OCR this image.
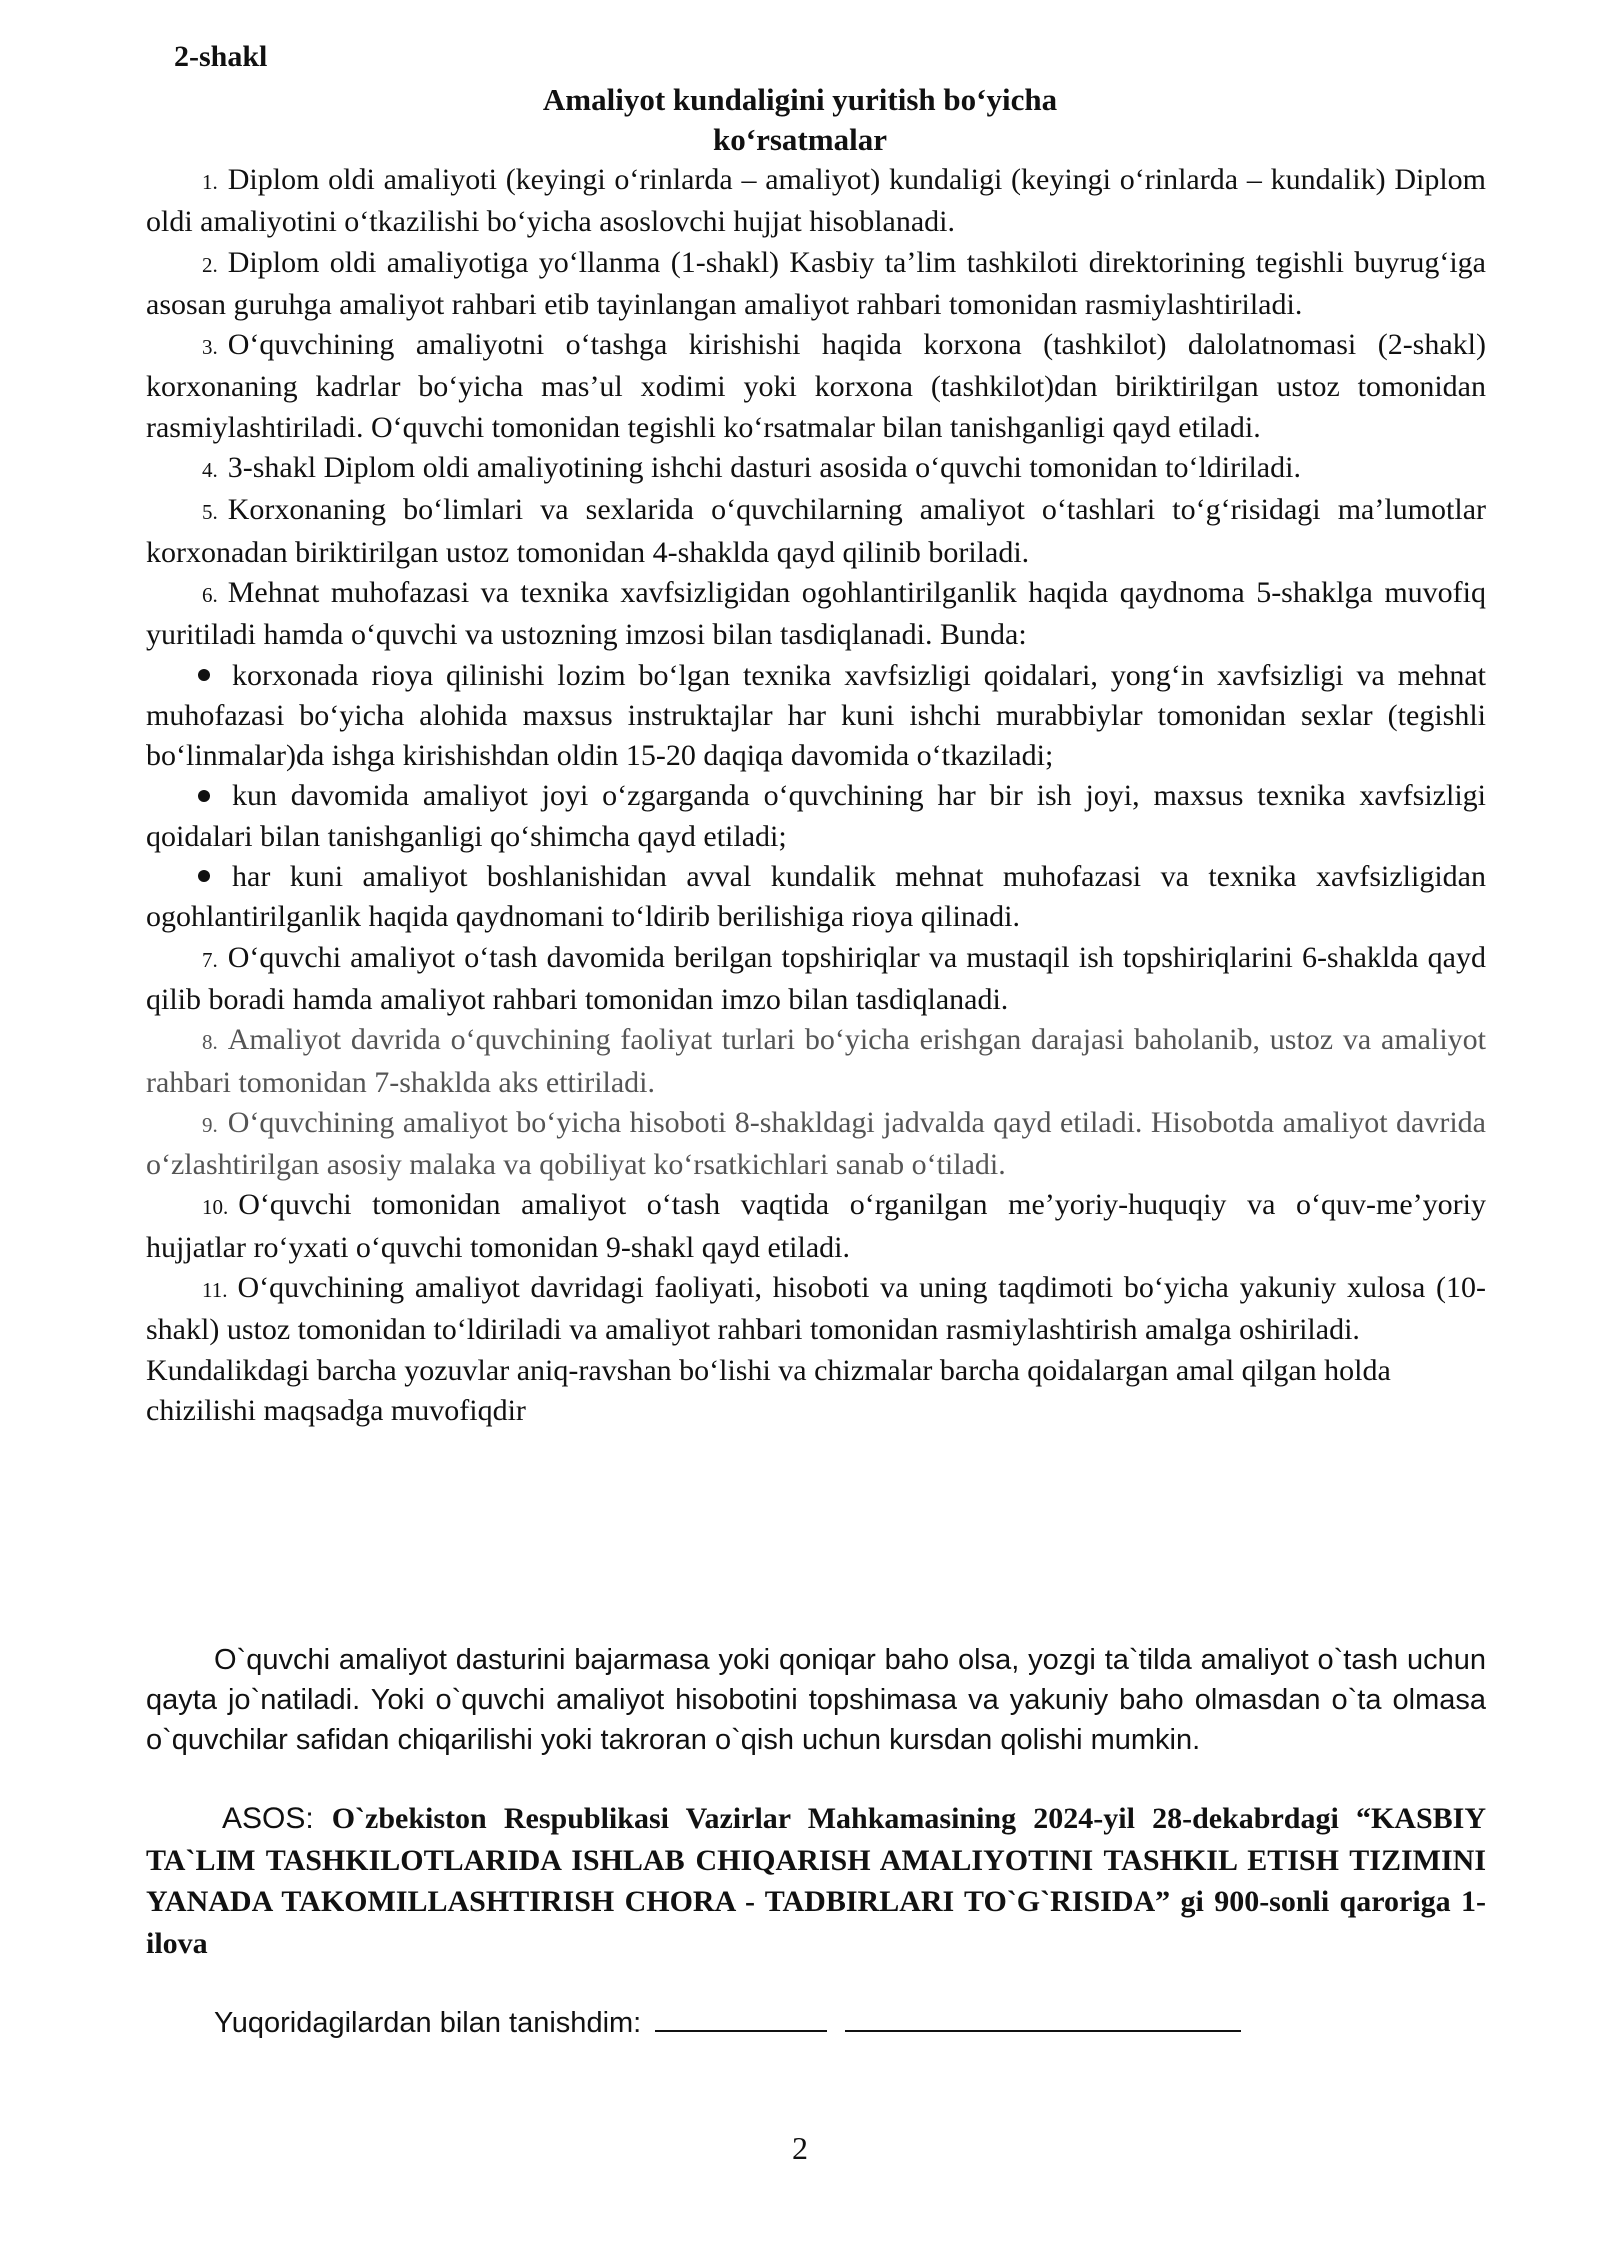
2-shakl
Amaliyot kundaligini yuritish bo‘yicha
ko‘rsatmalar

1. Diplom oldi amaliyoti (keyingi o‘rinlarda – amaliyot) kundaligi (keyingi o‘rinlarda – kundalik) Diplom oldi amaliyotini o‘tkazilishi bo‘yicha asoslovchi hujjat hisoblanadi.

2. Diplom oldi amaliyotiga yo‘llanma (1-shakl) Kasbiy ta’lim tashkiloti direktorining tegishli buyrug‘iga asosan guruhga amaliyot rahbari etib tayinlangan amaliyot rahbari tomonidan rasmiylashtiriladi.

3. O‘quvchining amaliyotni o‘tashga kirishishi haqida korxona (tashkilot) dalolatnomasi (2-shakl) korxonaning kadrlar bo‘yicha mas’ul xodimi yoki korxona (tashkilot)dan biriktirilgan ustoz tomonidan rasmiylashtiriladi. O‘quvchi tomonidan tegishli ko‘rsatmalar bilan tanishganligi qayd etiladi.

4. 3-shakl Diplom oldi amaliyotining ishchi dasturi asosida o‘quvchi tomonidan to‘ldiriladi.

5. Korxonaning bo‘limlari va sexlarida o‘quvchilarning amaliyot o‘tashlari to‘g‘risidagi ma’lumotlar korxonadan biriktirilgan ustoz tomonidan 4-shaklda qayd qilinib boriladi.

6. Mehnat muhofazasi va texnika xavfsizligidan ogohlantirilganlik haqida qaydnoma 5-shaklga muvofiq yuritiladi hamda o‘quvchi va ustozning imzosi bilan tasdiqlanadi. Bunda:

korxonada rioya qilinishi lozim bo‘lgan texnika xavfsizligi qoidalari, yong‘in xavfsizligi va mehnat muhofazasi bo‘yicha alohida maxsus instruktajlar har kuni ishchi murabbiylar tomonidan sexlar (tegishli bo‘linmalar)da ishga kirishishdan oldin 15-20 daqiqa davomida o‘tkaziladi;

kun davomida amaliyot joyi o‘zgarganda o‘quvchining har bir ish joyi, maxsus texnika xavfsizligi qoidalari bilan tanishganligi qo‘shimcha qayd etiladi;

har kuni amaliyot boshlanishidan avval kundalik mehnat muhofazasi va texnika xavfsizligidan ogohlantirilganlik haqida qaydnomani to‘ldirib berilishiga rioya qilinadi.

7. O‘quvchi amaliyot o‘tash davomida berilgan topshiriqlar va mustaqil ish topshiriqlarini 6-shaklda qayd qilib boradi hamda amaliyot rahbari tomonidan imzo bilan tasdiqlanadi.

8. Amaliyot davrida o‘quvchining faoliyat turlari bo‘yicha erishgan darajasi baholanib, ustoz va amaliyot rahbari tomonidan 7-shaklda aks ettiriladi.

9. O‘quvchining amaliyot bo‘yicha hisoboti 8-shakldagi jadvalda qayd etiladi. Hisobotda amaliyot davrida o‘zlashtirilgan asosiy malaka va qobiliyat ko‘rsatkichlari sanab o‘tiladi.

10. O‘quvchi tomonidan amaliyot o‘tash vaqtida o‘rganilgan me’yoriy-huquqiy va o‘quv-me’yoriy hujjatlar ro‘yxati o‘quvchi tomonidan 9-shakl qayd etiladi.

11. O‘quvchining amaliyot davridagi faoliyati, hisoboti va uning taqdimoti bo‘yicha yakuniy xulosa (10-shakl) ustoz tomonidan to‘ldiriladi va amaliyot rahbari tomonidan rasmiylashtirish amalga oshiriladi.

Kundalikdagi barcha yozuvlar aniq-ravshan bo‘lishi va chizmalar barcha qoidalargan amal qilgan holda chizilishi maqsadga muvofiqdir

O`quvchi amaliyot dasturini bajarmasa yoki qoniqar baho olsa, yozgi ta`tilda amaliyot o`tash uchun qayta jo`natiladi. Yoki o`quvchi amaliyot hisobotini topshimasa va yakuniy baho olmasdan o`ta olmasa o`quvchilar safidan chiqarilishi yoki takroran o`qish uchun kursdan qolishi mumkin.

ASOS: O`zbekiston Respublikasi Vazirlar Mahkamasining 2024-yil 28-dekabrdagi “KASBIY TA`LIM TASHKILOTLARIDA ISHLAB CHIQARISH AMALIYOTINI TASHKIL ETISH TIZIMINI YANADA TAKOMILLASHTIRISH CHORA - TADBIRLARI TO`G`RISIDA” gi 900-sonli qarorigа 1-ilova

Yuqoridagilardan bilan tanishdim:
2
